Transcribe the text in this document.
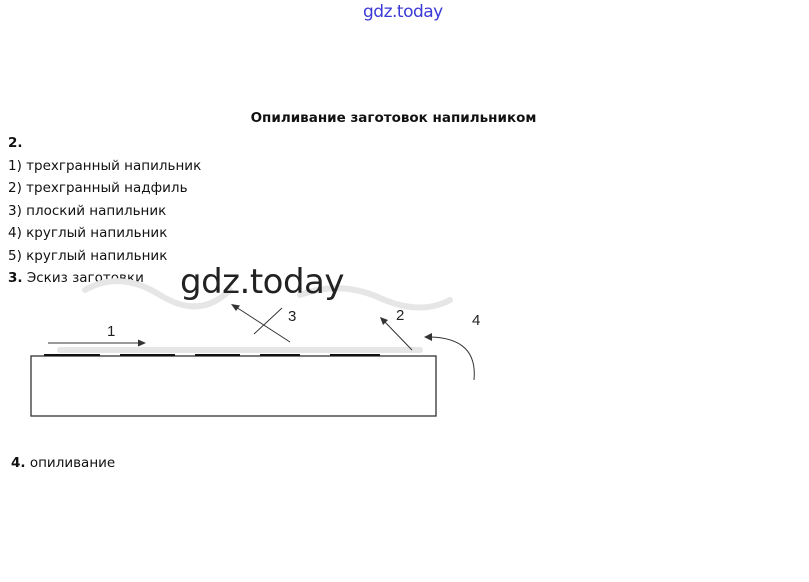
gdz.today
Опиливание заготовок напильником
2.
1) трехгранный напильник
2) трехгранный надфиль
3) плоский напильник
4) круглый напильник
5) круглый напильник
3. Эскиз заготовки
1
3	2	4
gdz.today
4. опиливание
